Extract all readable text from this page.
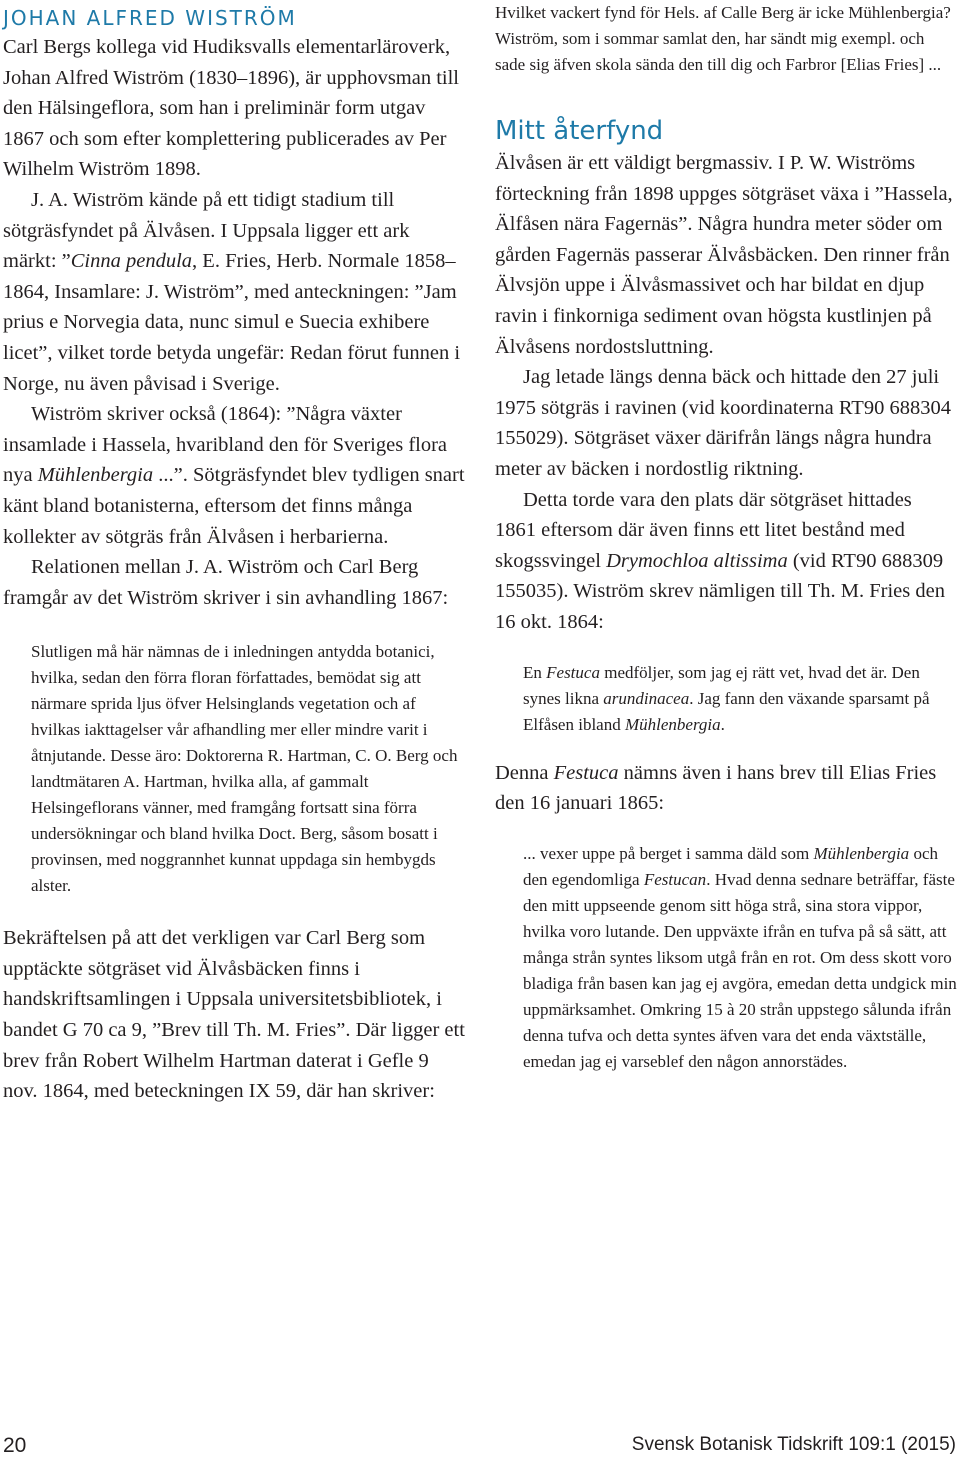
JOHAN ALFRED WISTRÖM

Carl Bergs kollega vid Hudiksvalls elementarläroverk, Johan Alfred Wiström (1830–1896), är upphovsman till den Hälsingeflora, som han i preliminär form utgav 1867 och som efter komplettering publicerades av Per Wilhelm Wiström 1898.

J. A. Wiström kände på ett tidigt stadium till sötgräsfyndet på Älvåsen. I Uppsala ligger ett ark märkt: ”Cinna pendula, E. Fries, Herb. Normale 1858–1864, Insamlare: J. Wiström”, med anteckningen: ”Jam prius e Norvegia data, nunc simul e Suecia exhibere licet”, vilket torde betyda ungefär: Redan förut funnen i Norge, nu även påvisad i Sverige.

Wiström skriver också (1864): ”Några växter insamlade i Hassela, hvaribland den för Sveriges flora nya Mühlenbergia ...”. Sötgräsfyndet blev tydligen snart känt bland botanisterna, eftersom det finns många kollekter av sötgräs från Älvåsen i herbarierna.

Relationen mellan J. A. Wiström och Carl Berg framgår av det Wiström skriver i sin avhandling 1867:

Slutligen må här nämnas de i inledningen antydda botanici, hvilka, sedan den förra floran författades, bemödat sig att närmare sprida ljus öfver Helsinglands vegetation och af hvilkas iakttagelser vår afhandling mer eller mindre varit i åtnjutande. Desse äro: Doktorerna R. Hartman, C. O. Berg och landtmätaren A. Hartman, hvilka alla, af gammalt Helsingeflorans vänner, med framgång fortsatt sina förra undersökningar och bland hvilka Doct. Berg, såsom bosatt i provinsen, med noggrannhet kunnat uppdaga sin hembygds alster.

Bekräftelsen på att det verkligen var Carl Berg som upptäckte sötgräset vid Älvåsbäcken finns i handskriftsamlingen i Uppsala universitetsbibliotek, i bandet G 70 ca 9, ”Brev till Th. M. Fries”. Där ligger ett brev från Robert Wilhelm Hartman daterat i Gefle 9 nov. 1864, med beteckningen IX 59, där han skriver:

Hvilket vackert fynd för Hels. af Calle Berg är icke Mühlenbergia? Wiström, som i sommar samlat den, har sändt mig exempl. och sade sig äfven skola sända den till dig och Farbror [Elias Fries] ...

Mitt återfynd

Älvåsen är ett väldigt bergmassiv. I P. W. Wiströms förteckning från 1898 uppges sötgräset växa i ”Hassela, Älfåsen nära Fagernäs”. Några hundra meter söder om gården Fagernäs passerar Älvåsbäcken. Den rinner från Älvsjön uppe i Älvåsmassivet och har bildat en djup ravin i finkorniga sediment ovan högsta kustlinjen på Älvåsens nordostsluttning.

Jag letade längs denna bäck och hittade den 27 juli 1975 sötgräs i ravinen (vid koordinaterna RT90 688304 155029). Sötgräset växer därifrån längs några hundra meter av bäcken i nordostlig riktning.

Detta torde vara den plats där sötgräset hittades 1861 eftersom där även finns ett litet bestånd med skogssvingel Drymochloa altissima (vid RT90 688309 155035). Wiström skrev nämligen till Th. M. Fries den 16 okt. 1864:

En Festuca medföljer, som jag ej rätt vet, hvad det är. Den synes likna arundinacea. Jag fann den växande sparsamt på Elfåsen ibland Mühlenbergia.

Denna Festuca nämns även i hans brev till Elias Fries den 16 januari 1865:

... vexer uppe på berget i samma däld som Mühlenbergia och den egendomliga Festucan. Hvad denna sednare beträffar, fäste den mitt uppseende genom sitt höga strå, sina stora vippor, hvilka voro lutande. Den uppväxte ifrån en tufva på så sätt, att många strån syntes liksom utgå från en rot. Om dess skott voro bladiga från basen kan jag ej avgöra, emedan detta undgick min uppmärksamhet. Omkring 15 à 20 strån uppstego sålunda ifrån denna tufva och detta syntes äfven vara det enda växtställe, emedan jag ej varseblef den någon annorstädes.

20	Svensk Botanisk Tidskrift 109:1 (2015)
